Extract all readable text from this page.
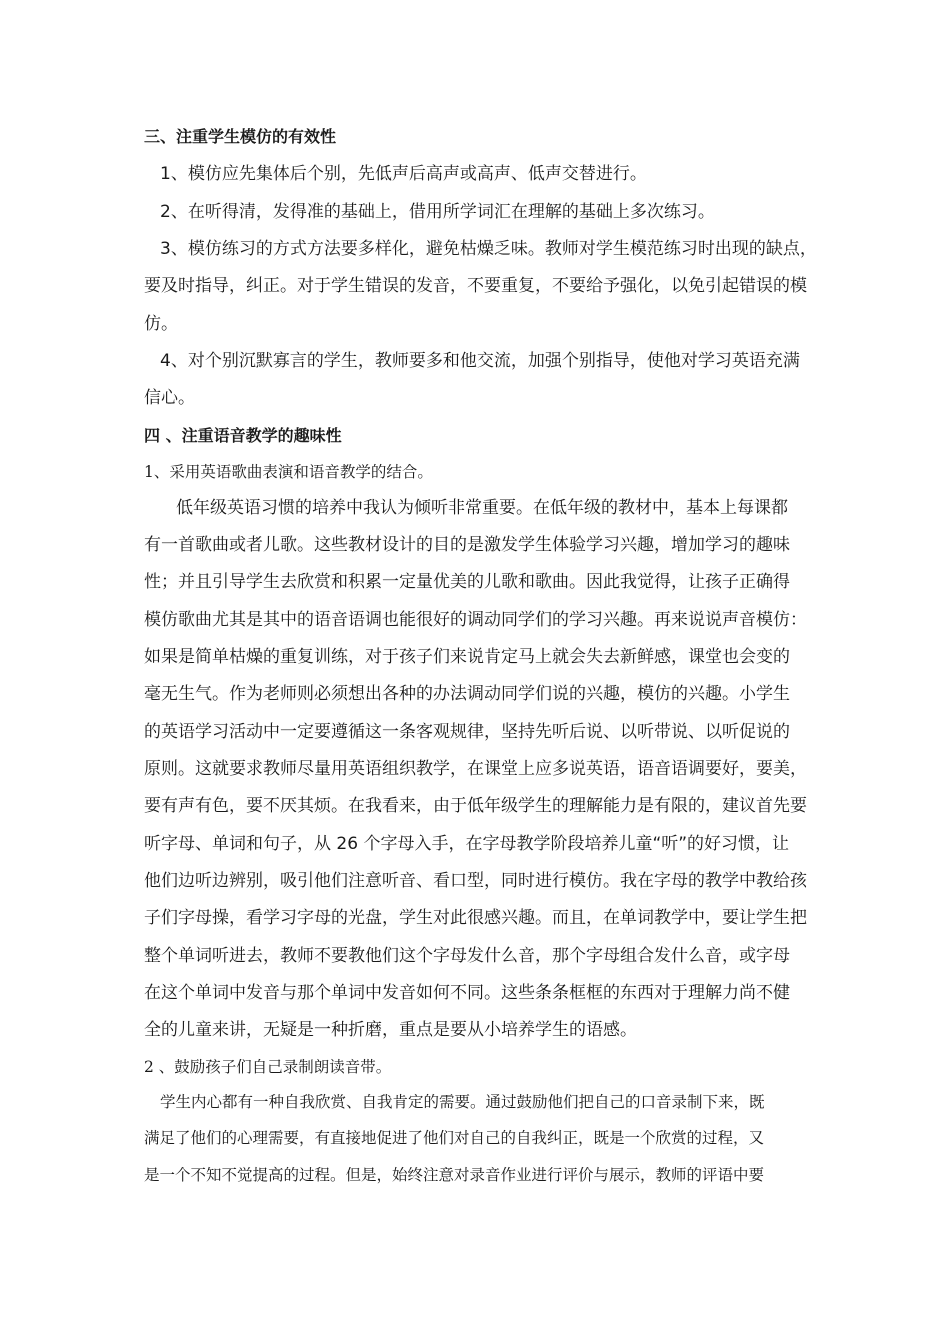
三、注重学生模仿的有效性
1、模仿应先集体后个别，先低声后高声或高声、低声交替进行。
2、在听得清，发得准的基础上，借用所学词汇在理解的基础上多次练习。
3、模仿练习的方式方法要多样化，避免枯燥乏味。教师对学生模范练习时出现的缺点，
要及时指导，纠正。对于学生错误的发音，不要重复，不要给予强化，以免引起错误的模
仿。
4、对个别沉默寡言的学生，教师要多和他交流，加强个别指导，使他对学习英语充满
信心。
四 、注重语音教学的趣味性
1、采用英语歌曲表演和语音教学的结合。
低年级英语习惯的培养中我认为倾听非常重要。在低年级的教材中，基本上每课都
有一首歌曲或者儿歌。这些教材设计的目的是激发学生体验学习兴趣，增加学习的趣味
性；并且引导学生去欣赏和积累一定量优美的儿歌和歌曲。因此我觉得，让孩子正确得
模仿歌曲尤其是其中的语音语调也能很好的调动同学们的学习兴趣。再来说说声音模仿：
如果是简单枯燥的重复训练，对于孩子们来说肯定马上就会失去新鲜感，课堂也会变的
毫无生气。作为老师则必须想出各种的办法调动同学们说的兴趣，模仿的兴趣。小学生
的英语学习活动中一定要遵循这一条客观规律，坚持先听后说、以听带说、以听促说的
原则。这就要求教师尽量用英语组织教学，在课堂上应多说英语，语音语调要好，要美，
要有声有色，要不厌其烦。在我看来，由于低年级学生的理解能力是有限的，建议首先要
听字母、单词和句子，从 26 个字母入手，在字母教学阶段培养儿童“听”的好习惯，让
他们边听边辨别，吸引他们注意听音、看口型，同时进行模仿。我在字母的教学中教给孩
子们字母操，看学习字母的光盘，学生对此很感兴趣。而且，在单词教学中，要让学生把
整个单词听进去，教师不要教他们这个字母发什么音，那个字母组合发什么音，或字母
在这个单词中发音与那个单词中发音如何不同。这些条条框框的东西对于理解力尚不健
全的儿童来讲，无疑是一种折磨，重点是要从小培养学生的语感。
2 、鼓励孩子们自己录制朗读音带。
学生内心都有一种自我欣赏、自我肯定的需要。通过鼓励他们把自己的口音录制下来，既
满足了他们的心理需要，有直接地促进了他们对自己的自我纠正，既是一个欣赏的过程，又
是一个不知不觉提高的过程。但是，始终注意对录音作业进行评价与展示，教师的评语中要
